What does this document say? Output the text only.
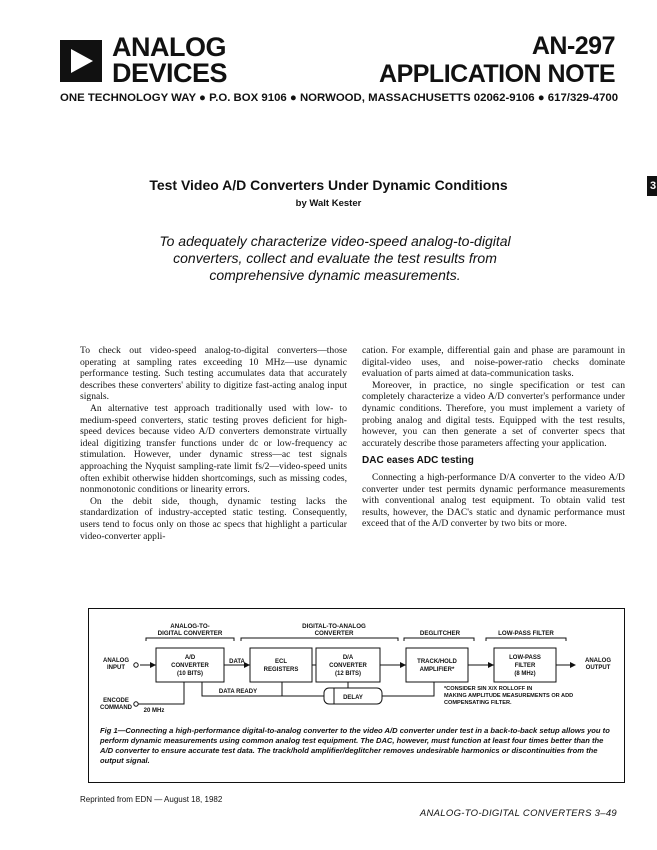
ANALOG
DEVICES
AN-297
APPLICATION NOTE
ONE TECHNOLOGY WAY ● P.O. BOX 9106 ● NORWOOD, MASSACHUSETTS 02062-9106 ● 617/329-4700
3
Test Video A/D Converters Under Dynamic Conditions
by Walt Kester
To adequately characterize video-speed analog-to-digital converters, collect and evaluate the test results from comprehensive dynamic measurements.

To check out video-speed analog-to-digital converters—those operating at sampling rates exceeding 10 MHz—use dynamic performance testing. Such testing accumulates data that accurately describes these converters' ability to digitize fast-acting analog input signals.

An alternative test approach traditionally used with low- to medium-speed converters, static testing proves deficient for high-speed devices because video A/D converters demonstrate virtually ideal digitizing transfer functions under dc or low-frequency ac stimulation. However, under dynamic stress—ac test signals approaching the Nyquist sampling-rate limit fs/2—video-speed units often exhibit otherwise hidden shortcomings, such as missing codes, nonmonotonic conditions or linearity errors.

On the debit side, though, dynamic testing lacks the standardization of industry-accepted static testing. Consequently, users tend to focus only on those ac specs that highlight a particular video-converter appli-

cation. For example, differential gain and phase are paramount in digital-video uses, and noise-power-ratio checks dominate evaluation of parts aimed at data-communication tasks.

Moreover, in practice, no single specification or test can completely characterize a video A/D converter's performance under dynamic conditions. Therefore, you must implement a variety of probing analog and digital tests. Equipped with the test results, however, you can then generate a set of converter specs that accurately describe those parameters affecting your application.

DAC eases ADC testing

Connecting a high-performance D/A converter to the video A/D converter under test permits dynamic performance measurements with conventional analog test equipment. To obtain valid test results, however, the DAC's static and dynamic performance must exceed that of the A/D converter by two bits or more.

ANALOG-TO-
DIGITAL CONVERTER
DIGITAL-TO-ANALOG
CONVERTER	DEGLITCHER	LOW-PASS FILTER
ANALOG
INPUT
A/D
CONVERTER
(10 BITS)
DATA	ECL
REGISTERS
D/A
CONVERTER
(12 BITS)
TRACK/HOLD
AMPLIFIER*
LOW-PASS
FILTER
(8 MHz)
ANALOG
OUTPUT
ENCODE
COMMAND 20 MHz
DATA READY
DELAY
*CONSIDER SIN X/X ROLLOFF IN
MAKING AMPLITUDE MEASUREMENTS OR ADD
COMPENSATING FILTER.
Fig 1—Connecting a high-performance digital-to-analog converter to the video A/D converter under test in a back-to-back setup allows you to perform dynamic measurements using common analog test equipment. The DAC, however, must function at least four times better than the A/D converter to ensure accurate test data. The track/hold amplifier/deglitcher removes undesirable harmonics or discontinuities from the output signal.
Reprinted from EDN — August 18, 1982
ANALOG-TO-DIGITAL CONVERTERS 3–49
